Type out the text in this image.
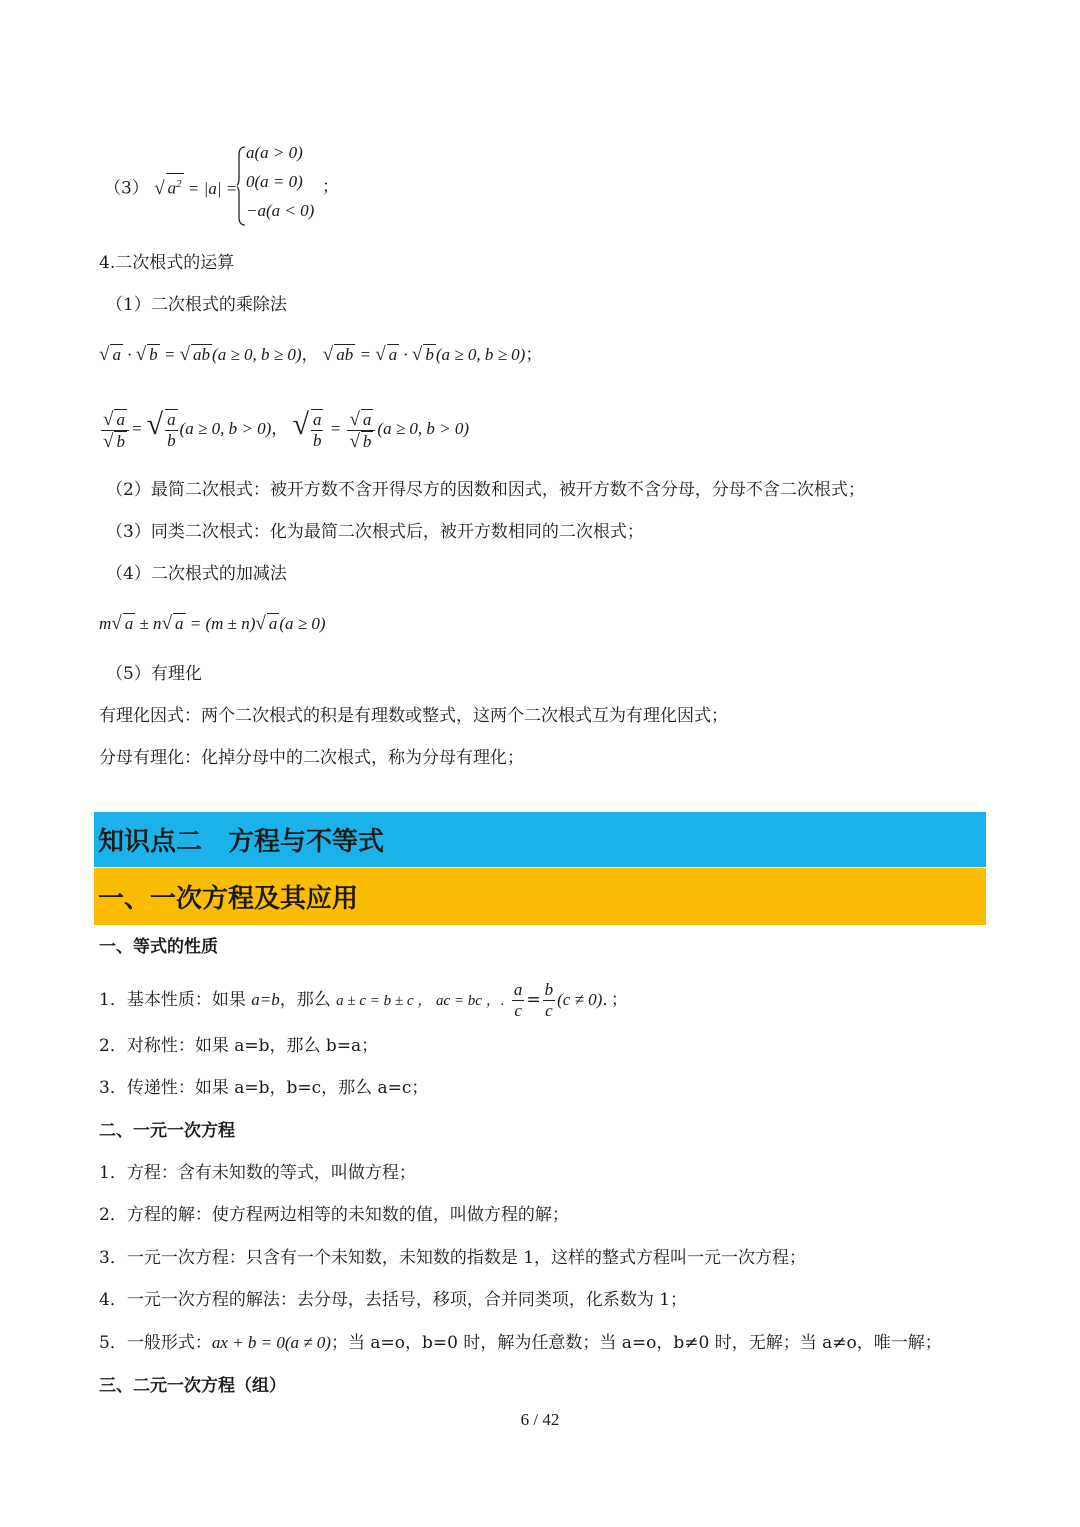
（3） √ $a^2 = |a|$ =
a(a > 0)
0(a = 0)
−a(a < 0)
；
4.二次根式的运算
（1）二次根式的乘除法
√ a · √ b = √ ab (a ≥ 0, b ≥ 0)， √ ab = √ a · √ b (a ≥ 0, b ≥ 0)；
$\frac{√ a}{√ b}$ = √ $\frac{a}{b} (a \ge 0$, b > 0)， √ $\frac{a}{b} = \frac{√ a}{√ b} (a \ge 0$, b > 0)
（2）最简二次根式：被开方数不含开得尽方的因数和因式，被开方数不含分母，分母不含二次根式；
（3）同类二次根式：化为最简二次根式后，被开方数相同的二次根式；
（4）二次根式的加减法
m√ a ± n√ a = (m ± n)√ a (a ≥ 0)
（5）有理化
有理化因式：两个二次根式的积是有理数或整式，这两个二次根式互为有理化因式；
分母有理化：化掉分母中的二次根式，称为分母有理化；
知识点二　方程与不等式
一、一次方程及其应用
一、等式的性质
1．基本性质：如果 a=b，那么 a ± c = b ± c ， ac = bc ，. $\frac{a}{c} = \frac{b}{c} (c \ne 0)$．；
2．对称性：如果 a=b，那么 b=a；
3．传递性：如果 a=b，b=c，那么 a=c；
二、一元一次方程
1．方程：含有未知数的等式，叫做方程；
2．方程的解：使方程两边相等的未知数的值，叫做方程的解；
3．一元一次方程：只含有一个未知数，未知数的指数是 1，这样的整式方程叫一元一次方程；
4．一元一次方程的解法：去分母，去括号，移项，合并同类项，化系数为 1；
5．一般形式：ax + b = 0(a ≠ 0)；当 a=o，b=0 时，解为任意数；当 a=o，b≠0 时，无解；当 a≠o，唯一解；
三、二元一次方程（组）
6 / 42
